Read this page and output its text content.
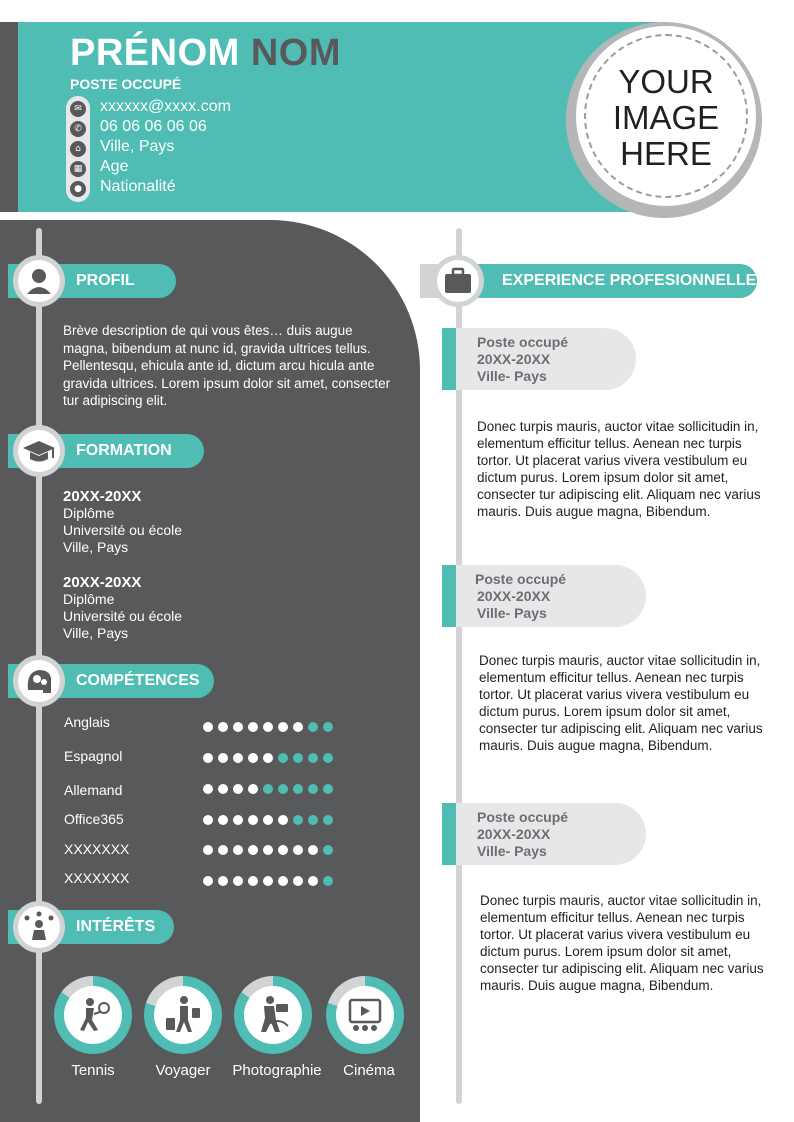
PRÉNOM NOM
POSTE OCCUPÉ
✉
✆
⌂
▦
●
xxxxxx@xxxx.com
06 06 06 06 06
Ville, Pays
Age
Nationalité
YOUR
IMAGE
HERE
PROFIL
Brève description de qui vous êtes… duis augue magna, bibendum at nunc id, gravida ultrices tellus. Pellentesqu, ehicula ante id, dictum arcu hicula ante gravida ultrices. Lorem ipsum dolor sit amet, consecter tur adipiscing elit.
FORMATION
20XX-20XX
Diplôme
Université ou école
Ville, Pays
20XX-20XX
Diplôme
Université ou école
Ville, Pays
COMPÉTENCES
Anglais
Espagnol
Allemand
Office365
XXXXXXX
XXXXXXX
INTÉRÊTS
Tennis	Voyager	Photographie	Cinéma
EXPERIENCE PROFESIONNELLE
Poste occupé
20XX-20XX
Ville- Pays
Donec turpis mauris, auctor vitae sollicitudin in, elementum efficitur tellus. Aenean nec turpis tortor. Ut placerat varius vivera vestibulum eu dictum purus. Lorem ipsum dolor sit amet, consecter tur adipiscing elit. Aliquam nec varius mauris. Duis augue magna, Bibendum.
Poste occupé
20XX-20XX
Ville- Pays
Donec turpis mauris, auctor vitae sollicitudin in, elementum efficitur tellus. Aenean nec turpis tortor. Ut placerat varius vivera vestibulum eu dictum purus. Lorem ipsum dolor sit amet, consecter tur adipiscing elit. Aliquam nec varius mauris. Duis augue magna, Bibendum.
Poste occupé
20XX-20XX
Ville- Pays
Donec turpis mauris, auctor vitae sollicitudin in, elementum efficitur tellus. Aenean nec turpis tortor. Ut placerat varius vivera vestibulum eu dictum purus. Lorem ipsum dolor sit amet, consecter tur adipiscing elit. Aliquam nec varius mauris. Duis augue magna, Bibendum.
